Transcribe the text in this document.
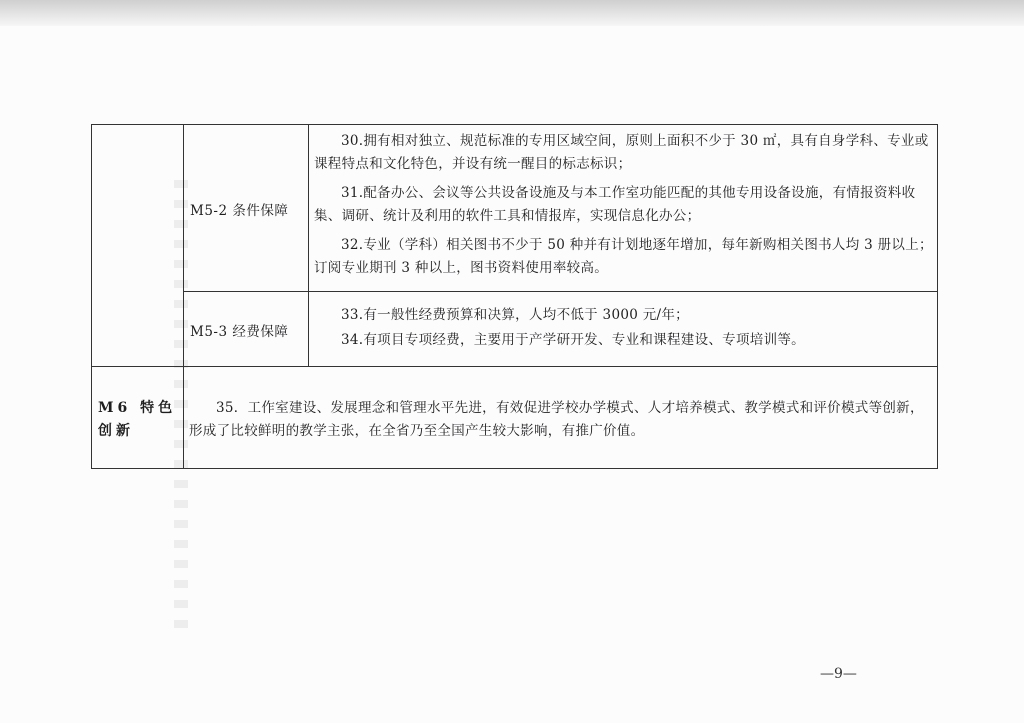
M5-2 条件保障

30.拥有相对独立、规范标准的专用区域空间，原则上面积不少于 30 ㎡，具有自身学科、专业或课程特点和文化特色，并设有统一醒目的标志标识；

31.配备办公、会议等公共设备设施及与本工作室功能匹配的其他专用设备设施，有情报资料收集、调研、统计及利用的软件工具和情报库，实现信息化办公；

32.专业（学科）相关图书不少于 50 种并有计划地逐年增加，每年新购相关图书人均 3 册以上；订阅专业期刊 3 种以上，图书资料使用率较高。

M5-3 经费保障

33.有一般性经费预算和决算，人均不低于 3000 元/年；

34.有项目专项经费，主要用于产学研开发、专业和课程建设、专项培训等。

M6 特色创新

35．工作室建设、发展理念和管理水平先进，有效促进学校办学模式、人才培养模式、教学模式和评价模式等创新，形成了比较鲜明的教学主张，在全省乃至全国产生较大影响，有推广价值。

—9—
